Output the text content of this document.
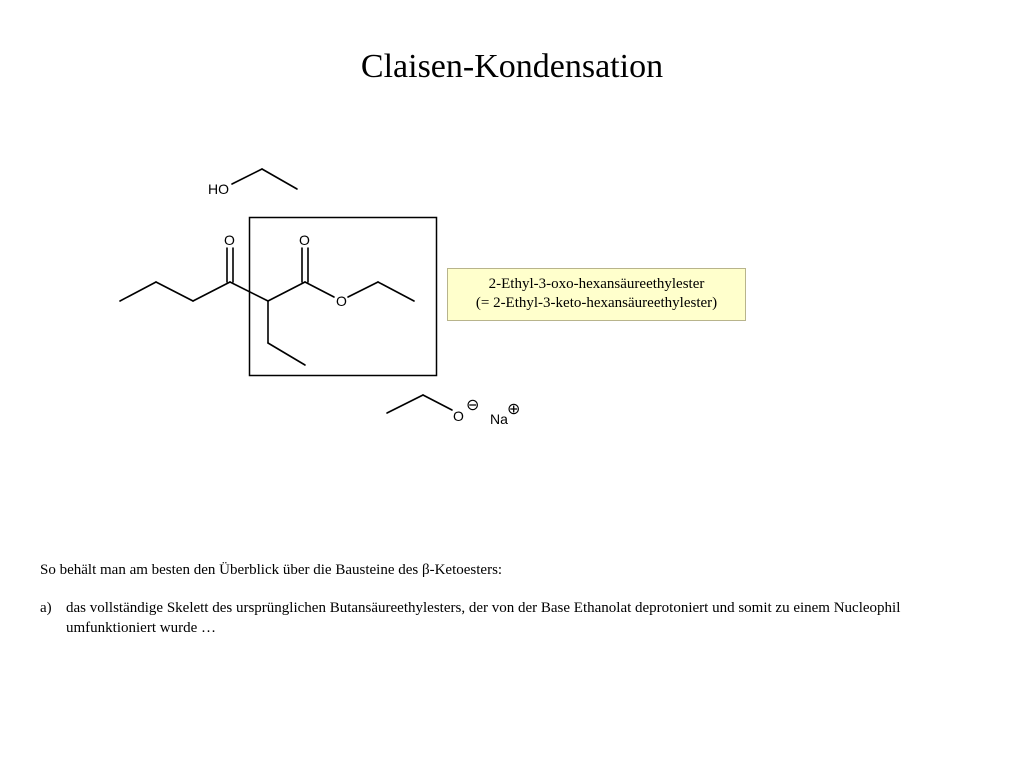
Claisen-Kondensation
HO
O	O
O
O
⊖
Na
⊕
2-Ethyl-3-oxo-hexansäureethylester
(= 2-Ethyl-3-keto-hexansäureethylester)

So behält man am besten den Überblick über die Bausteine des β-Ketoesters:

a) das vollständige Skelett des ursprünglichen Butansäureethylesters, der von der Base Ethanolat deprotoniert und somit zu einem Nucleophil umfunktioniert wurde …
